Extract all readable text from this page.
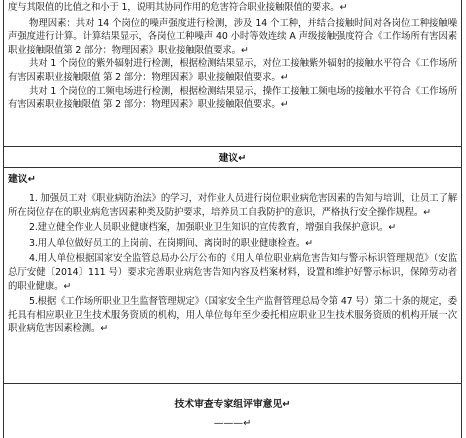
度与其限值的比值之和小于 1，说明其协同作用的危害符合职业接触限值的要求。↵
物理因素：共对 14 个岗位的噪声强度进行检测，涉及 14 个工种，并结合接触时间对各岗位工种接触噪声强度进行计算。计算结果显示，各岗位工种噪声 40 小时等效连续 A 声级接触强度符合《工作场所有害因素职业接触限值第 2 部分：物理因素》职业接触限值要求。↵
共对 1 个岗位的紫外辐射进行检测，根据检测结果显示，对位工接触紫外辐射的接触水平符合《工作场所有害因素职业接触限值 第 2 部分：物理因素》职业接触限值要求。↵
共对 1 个岗位的工频电场进行检测，根据检测结果显示，操作工接触工频电场的接触水平符合《工作场所有害因素职业接触限值 第 2 部分：物理因素》职业接触限值要求。↵
建议↵
建议↵
1. 加强员工对《职业病防治法》的学习，对作业人员进行岗位职业病危害因素的告知与培训，让员工了解所在岗位存在的职业病危害因素种类及防护要求，培养员工自我防护的意识，严格执行安全操作规程。↵
2.建立健全作业人员职业健康档案，加强职业卫生知识的宣传教育，增强自我保护意识。↵
3.用人单位做好员工的上岗前、在岗期间、离岗时的职业健康检查。↵
4.用人单位根据国家安全监管总局办公厅公布的《用人单位职业病危害告知与警示标识管理规范》（安监总厅安健〔2014〕111 号）要求完善职业病危害告知内容及档案材料，设置和维护好警示标识，保障劳动者的职业健康。↵
5.根据《工作场所职业卫生监督管理规定》（国家安全生产监督管理总局令第 47 号）第二十条的规定，委托具有相应职业卫生技术服务资质的机构，用人单位每年至少委托相应职业卫生技术服务资质的机构开展一次职业病危害因素检测。↵
技术审查专家组评审意见↵
———↵
